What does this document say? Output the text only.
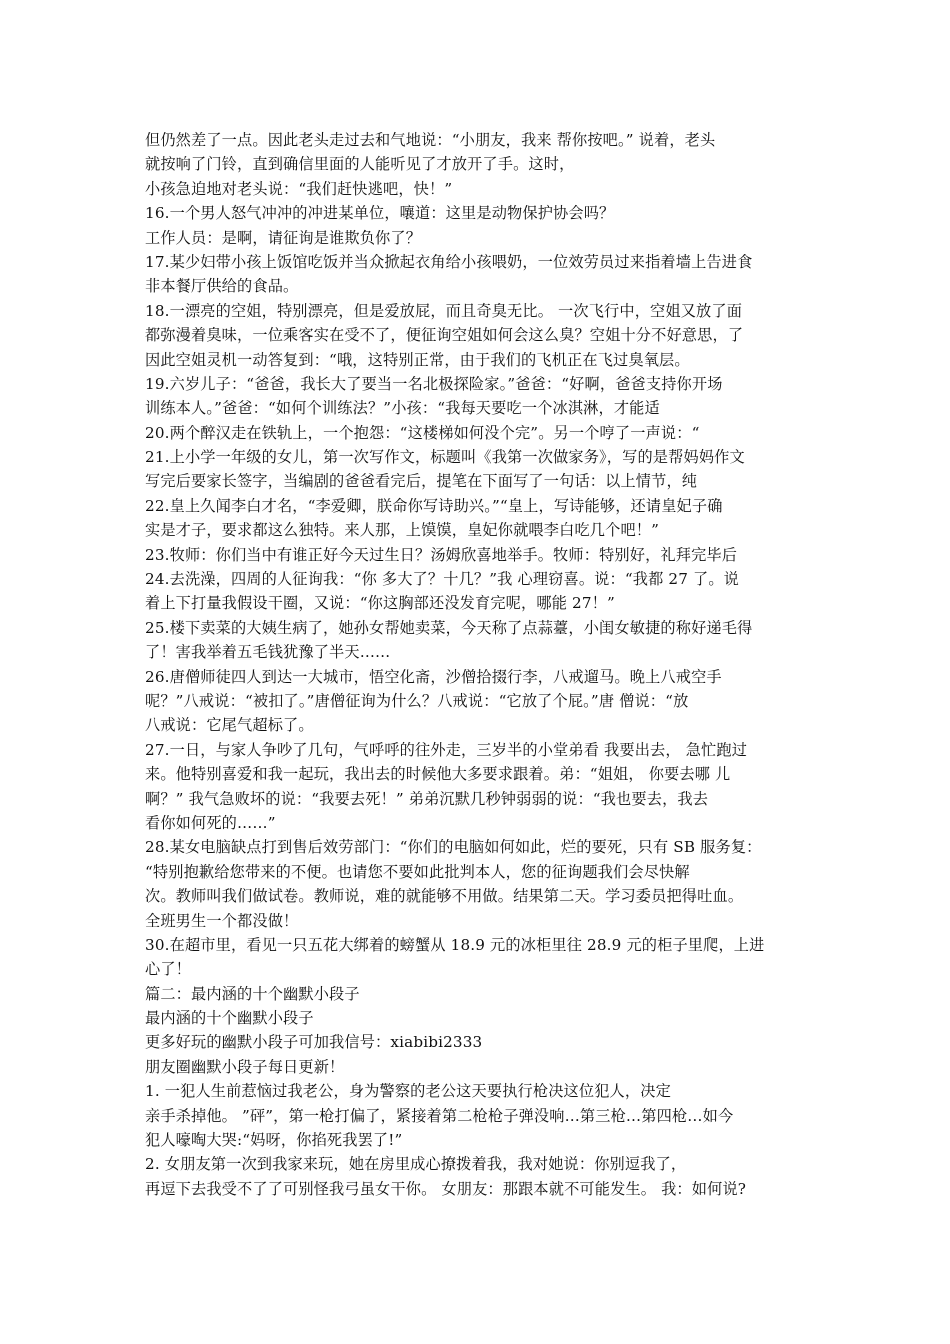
但仍然差了一点。因此老头走过去和气地说：“小朋友，我来 帮你按吧。” 说着，老头
就按响了门铃，直到确信里面的人能听见了才放开了手。这时，
小孩急迫地对老头说：“我们赶快逃吧，快！”
16.一个男人怒气冲冲的冲进某单位，嚷道：这里是动物保护协会吗？
工作人员：是啊，请征询是谁欺负你了？
17.某少妇带小孩上饭馆吃饭并当众掀起衣角给小孩喂奶，一位效劳员过来指着墙上告进食
非本餐厅供给的食品。
18.一漂亮的空姐，特别漂亮，但是爱放屁，而且奇臭无比。 一次飞行中，空姐又放了面
都弥漫着臭味，一位乘客实在受不了，便征询空姐如何会这么臭？空姐十分不好意思，了
因此空姐灵机一动答复到：“哦，这特别正常，由于我们的飞机正在飞过臭氧层。
19.六岁儿子：“爸爸，我长大了要当一名北极探险家。”爸爸：“好啊，爸爸支持你开场
训练本人。”爸爸：“如何个训练法？”小孩：“我每天要吃一个冰淇淋，才能适
20.两个醉汉走在铁轨上，一个抱怨：“这楼梯如何没个完”。另一个哼了一声说：“
21.上小学一年级的女儿，第一次写作文，标题叫《我第一次做家务》，写的是帮妈妈作文
写完后要家长签字，当编剧的爸爸看完后，提笔在下面写了一句话：以上情节，纯
22.皇上久闻李白才名，“李爱卿，朕命你写诗助兴。”“皇上，写诗能够，还请皇妃子确
实是才子，要求都这么独特。来人那，上馍馍，皇妃你就喂李白吃几个吧！”
23.牧师：你们当中有谁正好今天过生日？汤姆欣喜地举手。牧师：特别好，礼拜完毕后
24.去洗澡，四周的人征询我：“你 多大了？十几？”我 心理窃喜。说：“我都 27 了。说
着上下打量我假设干圈，又说：“你这胸部还没发育完呢，哪能 27！”
25.楼下卖菜的大姨生病了，她孙女帮她卖菜，今天称了点蒜薹，小闺女敏捷的称好递毛得
了！害我举着五毛钱犹豫了半天……
26.唐僧师徒四人到达一大城市，悟空化斋，沙僧拾掇行李，八戒遛马。晚上八戒空手
呢？”八戒说：“被扣了。”唐僧征询为什么？八戒说：“它放了个屁。”唐 僧说：“放
八戒说：它尾气超标了。
27.一日，与家人争吵了几句，气呼呼的往外走，三岁半的小堂弟看 我要出去， 急忙跑过
来。他特别喜爱和我一起玩，我出去的时候他大多要求跟着。弟：“姐姐， 你要去哪 儿
啊？” 我气急败坏的说：“我要去死！” 弟弟沉默几秒钟弱弱的说：“我也要去，我去
看你如何死的……”
28.某女电脑缺点打到售后效劳部门：“你们的电脑如何如此，烂的要死，只有 SB 服务复：
“特别抱歉给您带来的不便。也请您不要如此批判本人，您的征询题我们会尽快解
次。教师叫我们做试卷。教师说，难的就能够不用做。结果第二天。学习委员把得吐血。
全班男生一个都没做！
30.在超市里，看见一只五花大绑着的螃蟹从 18.9 元的冰柜里往 28.9 元的柜子里爬，上进
心了！
篇二：最内涵的十个幽默小段子
最内涵的十个幽默小段子
更多好玩的幽默小段子可加我信号：xiabibi2333
朋友圈幽默小段子每日更新！
1. 一犯人生前惹恼过我老公，身为警察的老公这天要执行枪决这位犯人，决定
亲手杀掉他。 ”砰”，第一枪打偏了，紧接着第二枪枪子弹没响…第三枪…第四枪…如今
犯人嚎啕大哭:“妈呀，你掐死我罢了!”
2. 女朋友第一次到我家来玩，她在房里成心撩拨着我，我对她说：你别逗我了，
再逗下去我受不了了可别怪我弓虽女干你。 女朋友：那跟本就不可能发生。 我：如何说?
